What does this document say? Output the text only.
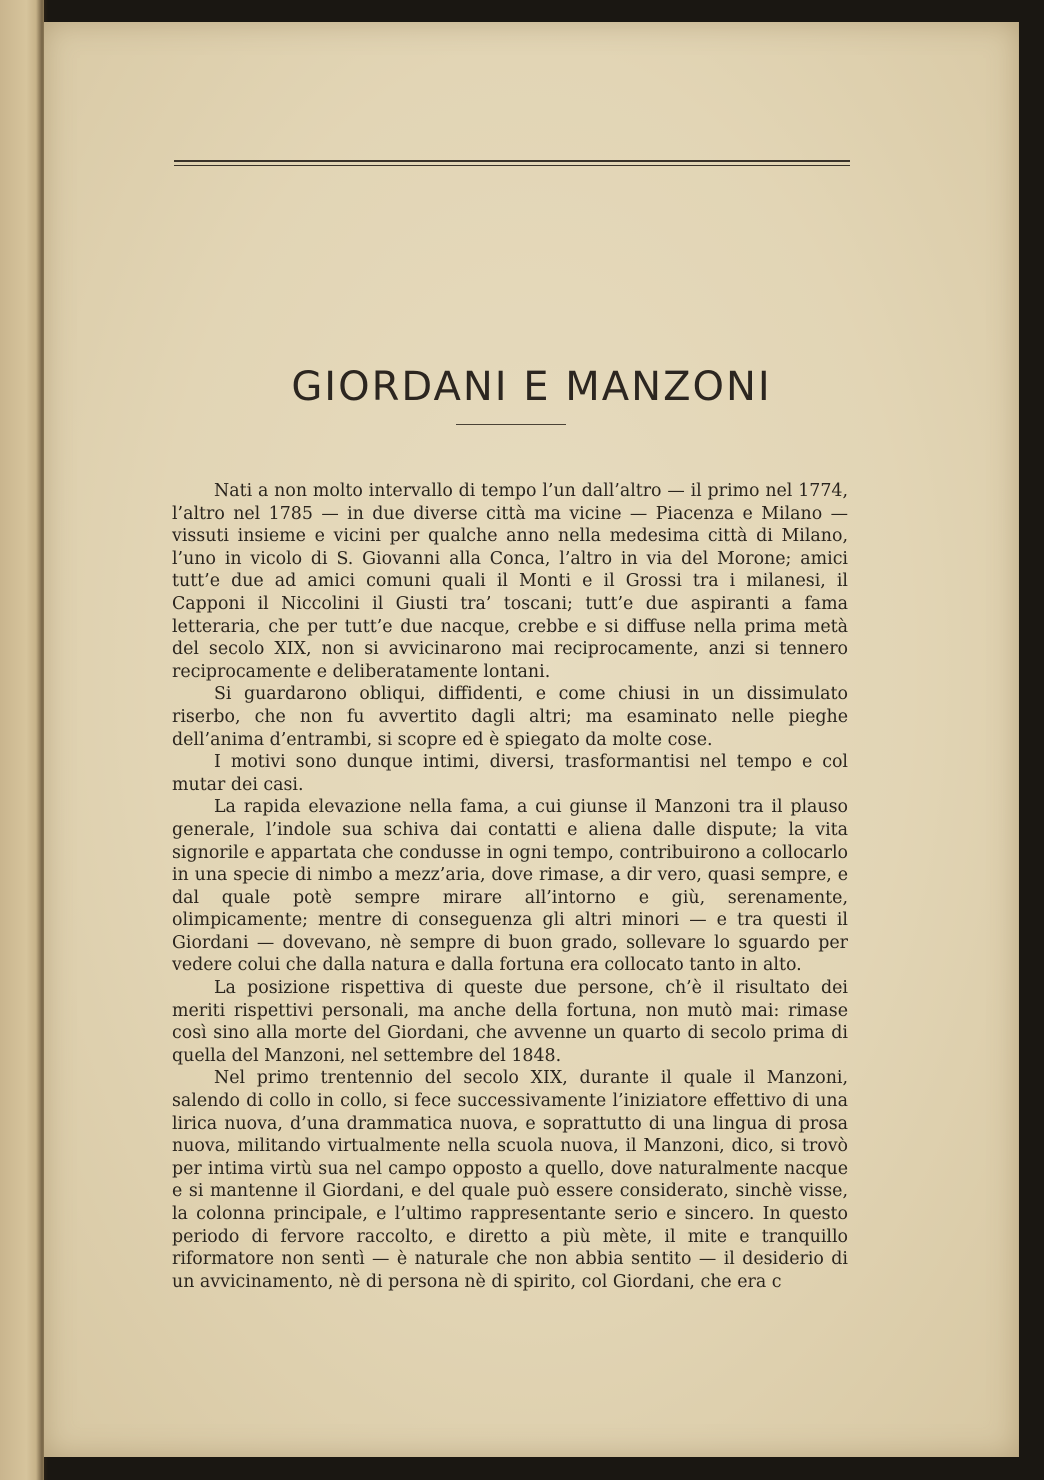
GIORDANI E MANZONI

Nati a non molto intervallo di tempo l’un dall’altro — il primo nel 1774, l’altro nel 1785 — in due diverse città ma vicine — Piacenza e Milano — vissuti insieme e vicini per qualche anno nella medesima città di Milano, l’uno in vicolo di S. Giovanni alla Conca, l’altro in via del Morone; amici tutt’e due ad amici comuni quali il Monti e il Grossi tra i milanesi, il Capponi il Niccolini il Giusti tra’ toscani; tutt’e due aspiranti a fama letteraria, che per tutt’e due nacque, crebbe e si diffuse nella prima metà del secolo XIX, non si avvicinarono mai reciprocamente, anzi si tennero reciprocamente e deliberatamente lontani.

Si guardarono obliqui, diffidenti, e come chiusi in un dissimulato riserbo, che non fu avvertito dagli altri; ma esaminato nelle pieghe dell’anima d’entrambi, si scopre ed è spiegato da molte cose.

I motivi sono dunque intimi, diversi, trasformantisi nel tempo e col mutar dei casi.

La rapida elevazione nella fama, a cui giunse il Manzoni tra il plauso generale, l’indole sua schiva dai contatti e aliena dalle dispute; la vita signorile e appartata che condusse in ogni tempo, contribuirono a collocarlo in una specie di nimbo a mezz’aria, dove rimase, a dir vero, quasi sempre, e dal quale potè sempre mirare all’intorno e giù, serenamente, olimpicamente; mentre di conseguenza gli altri minori — e tra questi il Giordani — dovevano, nè sempre di buon grado, sollevare lo sguardo per vedere colui che dalla natura e dalla fortuna era collocato tanto in alto.

La posizione rispettiva di queste due persone, ch’è il risultato dei meriti rispettivi personali, ma anche della fortuna, non mutò mai: rimase così sino alla morte del Giordani, che avvenne un quarto di secolo prima di quella del Manzoni, nel settembre del 1848.

Nel primo trentennio del secolo XIX, durante il quale il Manzoni, salendo di collo in collo, si fece successivamente l’iniziatore effettivo di una lirica nuova, d’una drammatica nuova, e soprattutto di una lingua di prosa nuova, militando virtualmente nella scuola nuova, il Manzoni, dico, si trovò per intima virtù sua nel campo opposto a quello, dove naturalmente nacque e si mantenne il Giordani, e del quale può essere considerato, sinchè visse, la colonna principale, e l’ultimo rappresentante serio e sincero. In questo periodo di fervore raccolto, e diretto a più mète, il mite e tranquillo riformatore non sentì — è naturale che non abbia sentito — il desiderio di un avvicinamento, nè di persona nè di spirito, col Giordani, che era c
